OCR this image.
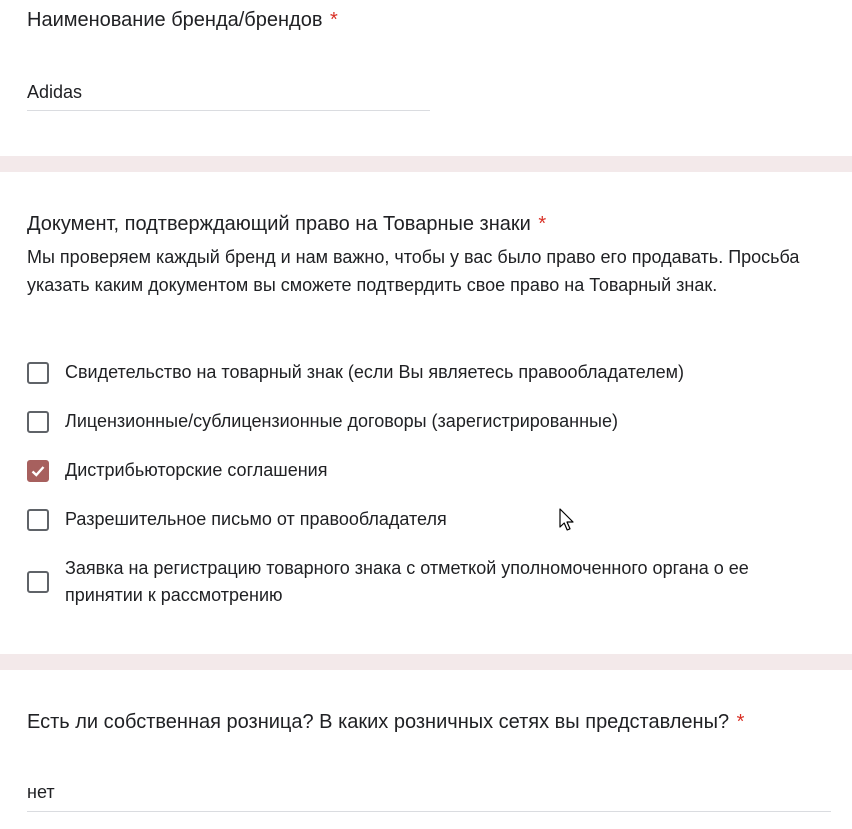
Наименование бренда/брендов *
Adidas
Документ, подтверждающий право на Товарные знаки *
Мы проверяем каждый бренд и нам важно, чтобы у вас было право его продавать. Просьба указать каким документом вы сможете подтвердить свое право на Товарный знак.
Свидетельство на товарный знак (если Вы являетесь правообладателем)
Лицензионные/сублицензионные договоры (зарегистрированные)
Дистрибьюторские соглашения
Разрешительное письмо от правообладателя
Заявка на регистрацию товарного знака с отметкой уполномоченного органа о ее принятии к рассмотрению
Есть ли собственная розница? В каких розничных сетях вы представлены? *
нет
